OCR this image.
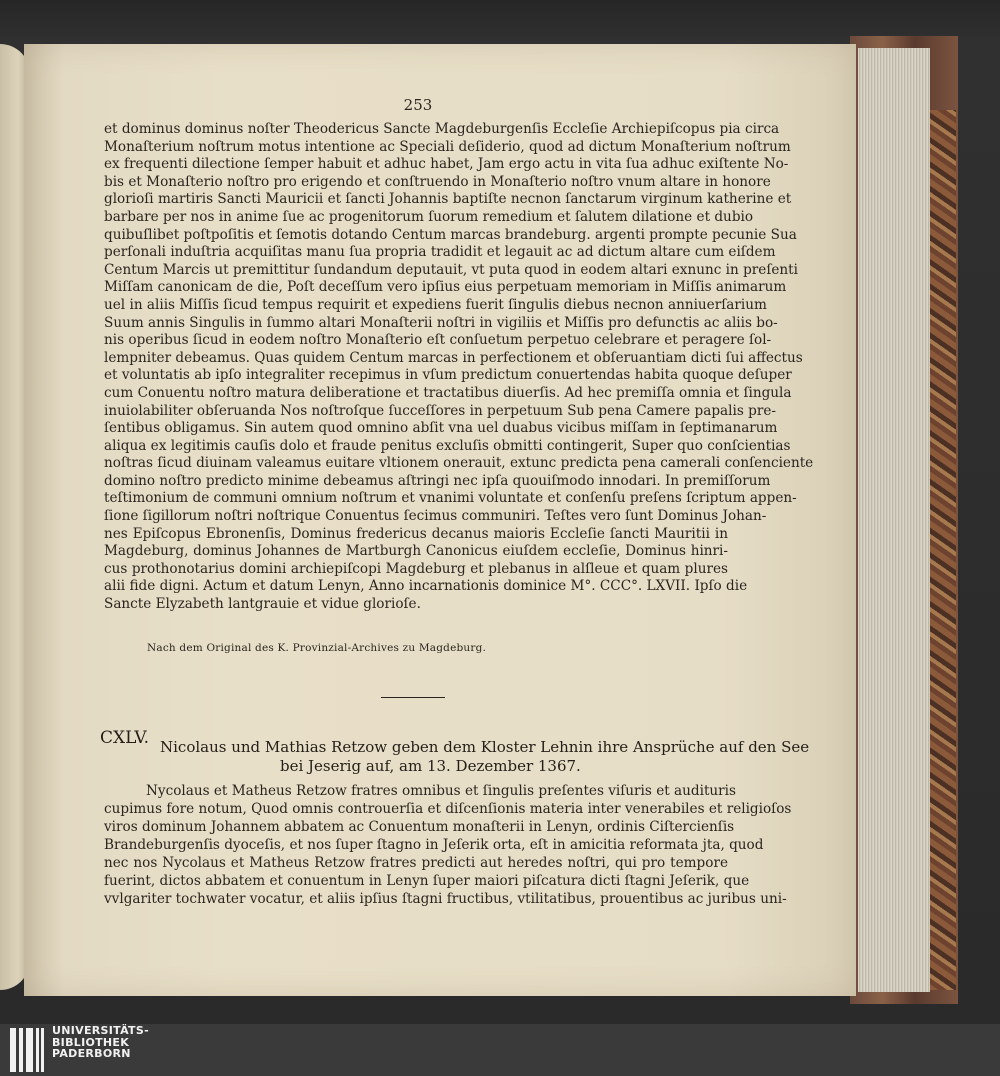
253
et dominus dominus noſter Theodericus Sancte Magdeburgenſis Eccleſie Archiepiſcopus pia circa
Monaſterium noſtrum motus intentione ac Speciali deſiderio, quod ad dictum Monaſterium noſtrum
ex frequenti dilectione ſemper habuit et adhuc habet, Jam ergo actu in vita ſua adhuc exiſtente No-
bis et Monaſterio noſtro pro erigendo et conſtruendo in Monaſterio noſtro vnum altare in honore
glorioſi martiris Sancti Mauricii et ſancti Johannis baptiſte necnon ſanctarum virginum katherine et
barbare per nos in anime ſue ac progenitorum ſuorum remedium et ſalutem dilatione et dubio
quibuſlibet poſtpoſitis et ſemotis dotando Centum marcas brandeburg. argenti prompte pecunie Sua
perſonali induſtria acquiſitas manu ſua propria tradidit et legauit ac ad dictum altare cum eiſdem
Centum Marcis ut premittitur ſundandum deputauit, vt puta quod in eodem altari exnunc in preſenti
Miſſam canonicam de die, Poſt deceſſum vero ipſius eius perpetuam memoriam in Miſſis animarum
uel in aliis Miſſis ſicud tempus requirit et expediens fuerit ſingulis diebus necnon anniuerſarium
Suum annis Singulis in ſummo altari Monaſterii noſtri in vigiliis et Miſſis pro defunctis ac aliis bo-
nis operibus ſicud in eodem noſtro Monaſterio eſt conſuetum perpetuo celebrare et peragere ſol-
lempniter debeamus. Quas quidem Centum marcas in perfectionem et obſeruantiam dicti ſui affectus
et voluntatis ab ipſo integraliter recepimus in vſum predictum conuertendas habita quoque deſuper
cum Conuentu noſtro matura deliberatione et tractatibus diuerſis. Ad hec premiſſa omnia et ſingula
inuiolabiliter obſeruanda Nos noſtroſque ſucceſſores in perpetuum Sub pena Camere papalis pre-
ſentibus obligamus. Sin autem quod omnino abſit vna uel duabus vicibus miſſam in ſeptimanarum
aliqua ex legitimis cauſis dolo et fraude penitus excluſis obmitti contingerit, Super quo conſcientias
noſtras ſicud diuinam valeamus euitare vltionem onerauit, extunc predicta pena camerali conſenciente
domino noſtro predicto minime debeamus aſtringi nec ipſa quouiſmodo innodari. In premiſſorum
teſtimonium de communi omnium noſtrum et vnanimi voluntate et conſenſu preſens ſcriptum appen-
ſione ſigillorum noſtri noſtrique Conuentus ſecimus communiri. Teſtes vero ſunt Dominus Johan-
nes Epiſcopus Ebronenſis, Dominus fredericus decanus maioris Eccleſie ſancti Mauritii in
Magdeburg, dominus Johannes de Martburgh Canonicus eiuſdem eccleſie, Dominus hinri-
cus prothonotarius domini archiepiſcopi Magdeburg et plebanus in alſleue et quam plures
alii fide digni. Actum et datum Lenyn, Anno incarnationis dominice M°. CCC°. LXVII. Ipſo die
Sancte Elyzabeth lantgrauie et vidue glorioſe.
Nach dem Original des K. Provinzial-Archives zu Magdeburg.
CXLV. Nicolaus und Mathias Retzow geben dem Kloster Lehnin ihre Ansprüche auf den See
bei Jeserig auf, am 13. Dezember 1367.
Nycolaus et Matheus Retzow fratres omnibus et ſingulis preſentes viſuris et audituris
cupimus fore notum, Quod omnis controuerſia et diſcenſionis materia inter venerabiles et religioſos
viros dominum Johannem abbatem ac Conuentum monaſterii in Lenyn, ordinis Ciſtercienſis
Brandeburgenſis dyoceſis, et nos ſuper ſtagno in Jeſerik orta, eſt in amicitia reformata jta, quod
nec nos Nycolaus et Matheus Retzow fratres predicti aut heredes noſtri, qui pro tempore
fuerint, dictos abbatem et conuentum in Lenyn ſuper maiori piſcatura dicti ſtagni Jeſerik, que
vvlgariter tochwater vocatur, et aliis ipſius ſtagni fructibus, vtilitatibus, prouentibus ac juribus uni-
UNIVERSITÄTS-
BIBLIOTHEK
PADERBORN
